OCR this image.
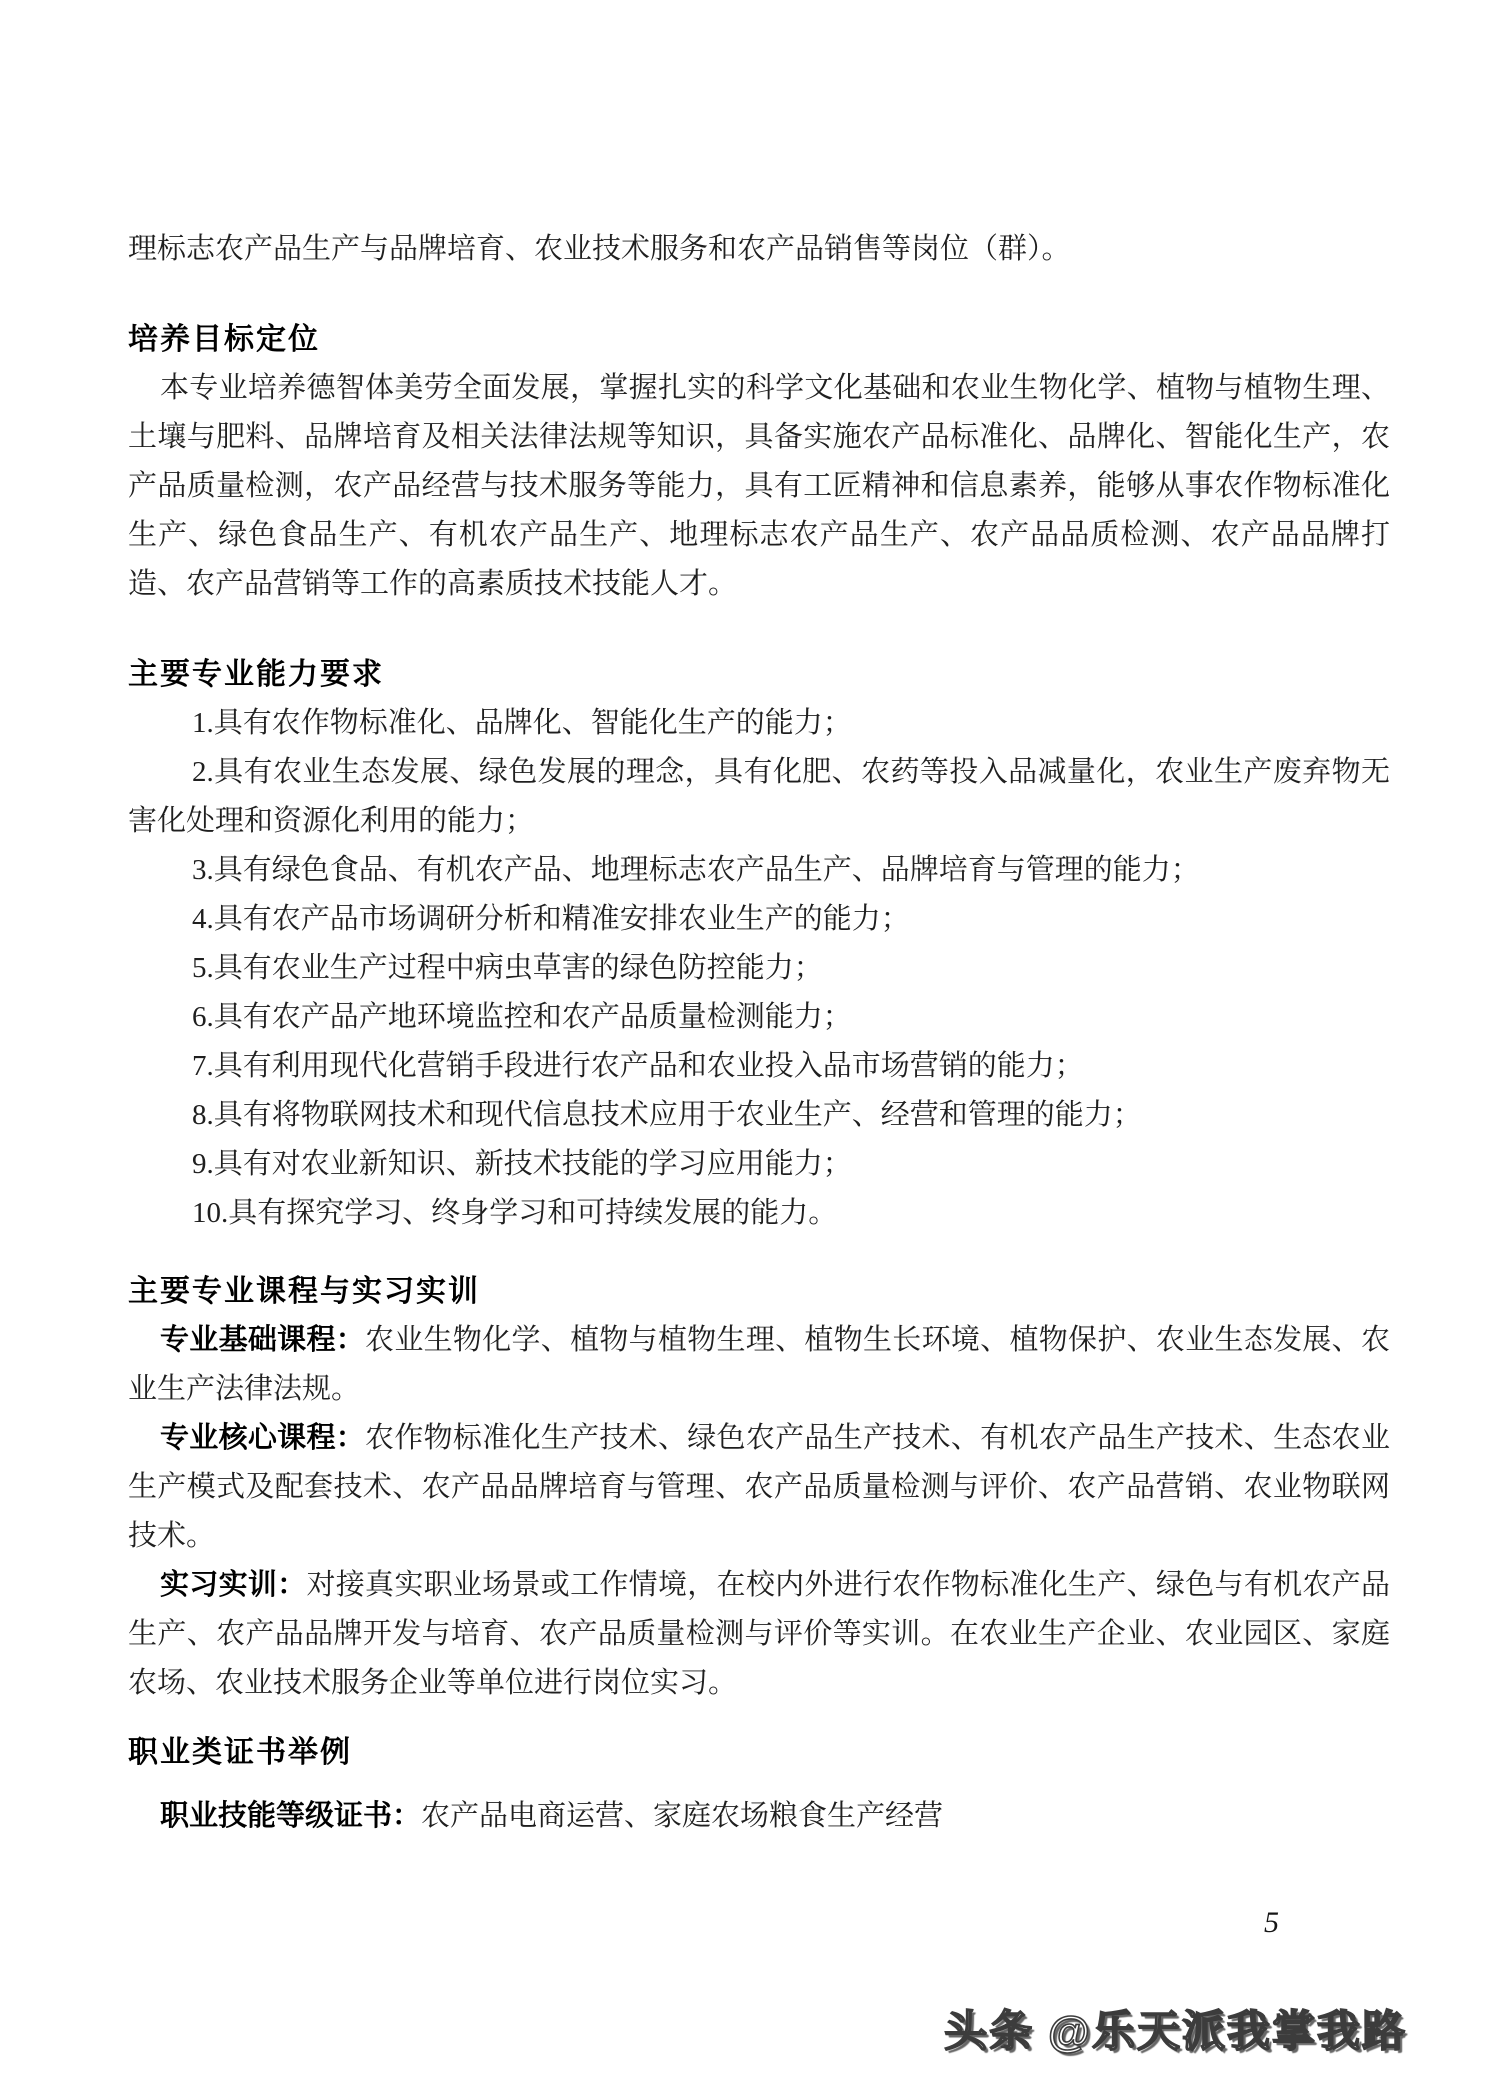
理标志农产品生产与品牌培育、农业技术服务和农产品销售等岗位（群）。

培养目标定位

本专业培养德智体美劳全面发展，掌握扎实的科学文化基础和农业生物化学、植物与植物生理、土壤与肥料、品牌培育及相关法律法规等知识，具备实施农产品标准化、品牌化、智能化生产，农产品质量检测，农产品经营与技术服务等能力，具有工匠精神和信息素养，能够从事农作物标准化生产、绿色食品生产、有机农产品生产、地理标志农产品生产、农产品品质检测、农产品品牌打造、农产品营销等工作的高素质技术技能人才。

主要专业能力要求

1.具有农作物标准化、品牌化、智能化生产的能力；

2.具有农业生态发展、绿色发展的理念，具有化肥、农药等投入品减量化，农业生产废弃物无害化处理和资源化利用的能力；

3.具有绿色食品、有机农产品、地理标志农产品生产、品牌培育与管理的能力；

4.具有农产品市场调研分析和精准安排农业生产的能力；

5.具有农业生产过程中病虫草害的绿色防控能力；

6.具有农产品产地环境监控和农产品质量检测能力；

7.具有利用现代化营销手段进行农产品和农业投入品市场营销的能力；

8.具有将物联网技术和现代信息技术应用于农业生产、经营和管理的能力；

9.具有对农业新知识、新技术技能的学习应用能力；

10.具有探究学习、终身学习和可持续发展的能力。

主要专业课程与实习实训

专业基础课程：农业生物化学、植物与植物生理、植物生长环境、植物保护、农业生态发展、农业生产法律法规。

专业核心课程：农作物标准化生产技术、绿色农产品生产技术、有机农产品生产技术、生态农业生产模式及配套技术、农产品品牌培育与管理、农产品质量检测与评价、农产品营销、农业物联网技术。

实习实训：对接真实职业场景或工作情境，在校内外进行农作物标准化生产、绿色与有机农产品生产、农产品品牌开发与培育、农产品质量检测与评价等实训。在农业生产企业、农业园区、家庭农场、农业技术服务企业等单位进行岗位实习。

职业类证书举例

职业技能等级证书：农产品电商运营、家庭农场粮食生产经营

5
头条 @乐天派我掌我路
